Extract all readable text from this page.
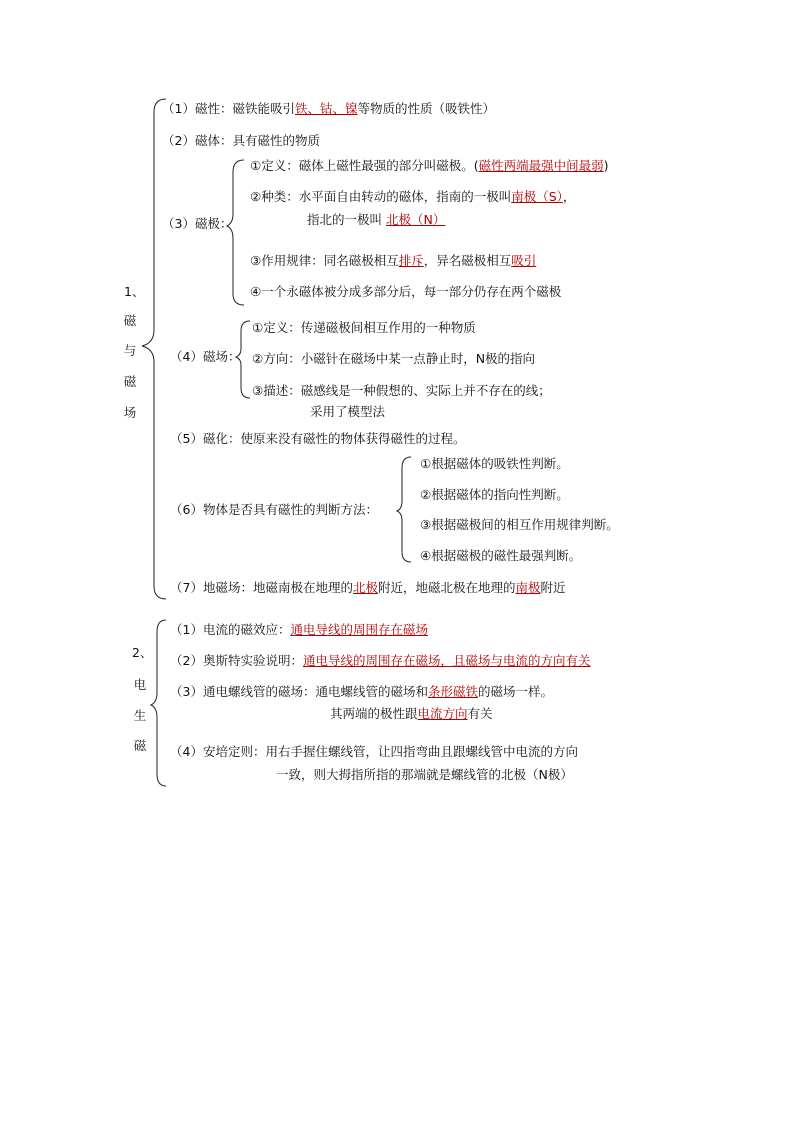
1、
磁
与
磁
场
（1）磁性：磁铁能吸引铁、钴、镍等物质的性质（吸铁性）
（2）磁体：具有磁性的物质
（3）磁极：
①定义：磁体上磁性最强的部分叫磁极。(磁性两端最强中间最弱)
②种类：水平面自由转动的磁体，指南的一极叫南极（S），
指北的一极叫 北极（N）
③作用规律：同名磁极相互排斥，异名磁极相互吸引
④一个永磁体被分成多部分后，每一部分仍存在两个磁极
（4）磁场：
①定义：传递磁极间相互作用的一种物质
②方向：小磁针在磁场中某一点静止时，N极的指向
③描述：磁感线是一种假想的、实际上并不存在的线；
采用了模型法
（5）磁化：使原来没有磁性的物体获得磁性的过程。
（6）物体是否具有磁性的判断方法：
①根据磁体的吸铁性判断。
②根据磁体的指向性判断。
③根据磁极间的相互作用规律判断。
④根据磁极的磁性最强判断。
（7）地磁场：地磁南极在地理的北极附近，地磁北极在地理的南极附近
2、
电
生
磁
（1）电流的磁效应：通电导线的周围存在磁场
（2）奥斯特实验说明：通电导线的周围存在磁场，且磁场与电流的方向有关
（3）通电螺线管的磁场：通电螺线管的磁场和条形磁铁的磁场一样。
其两端的极性跟电流方向有关
（4）安培定则：用右手握住螺线管，让四指弯曲且跟螺线管中电流的方向
一致，则大拇指所指的那端就是螺线管的北极（N极）
